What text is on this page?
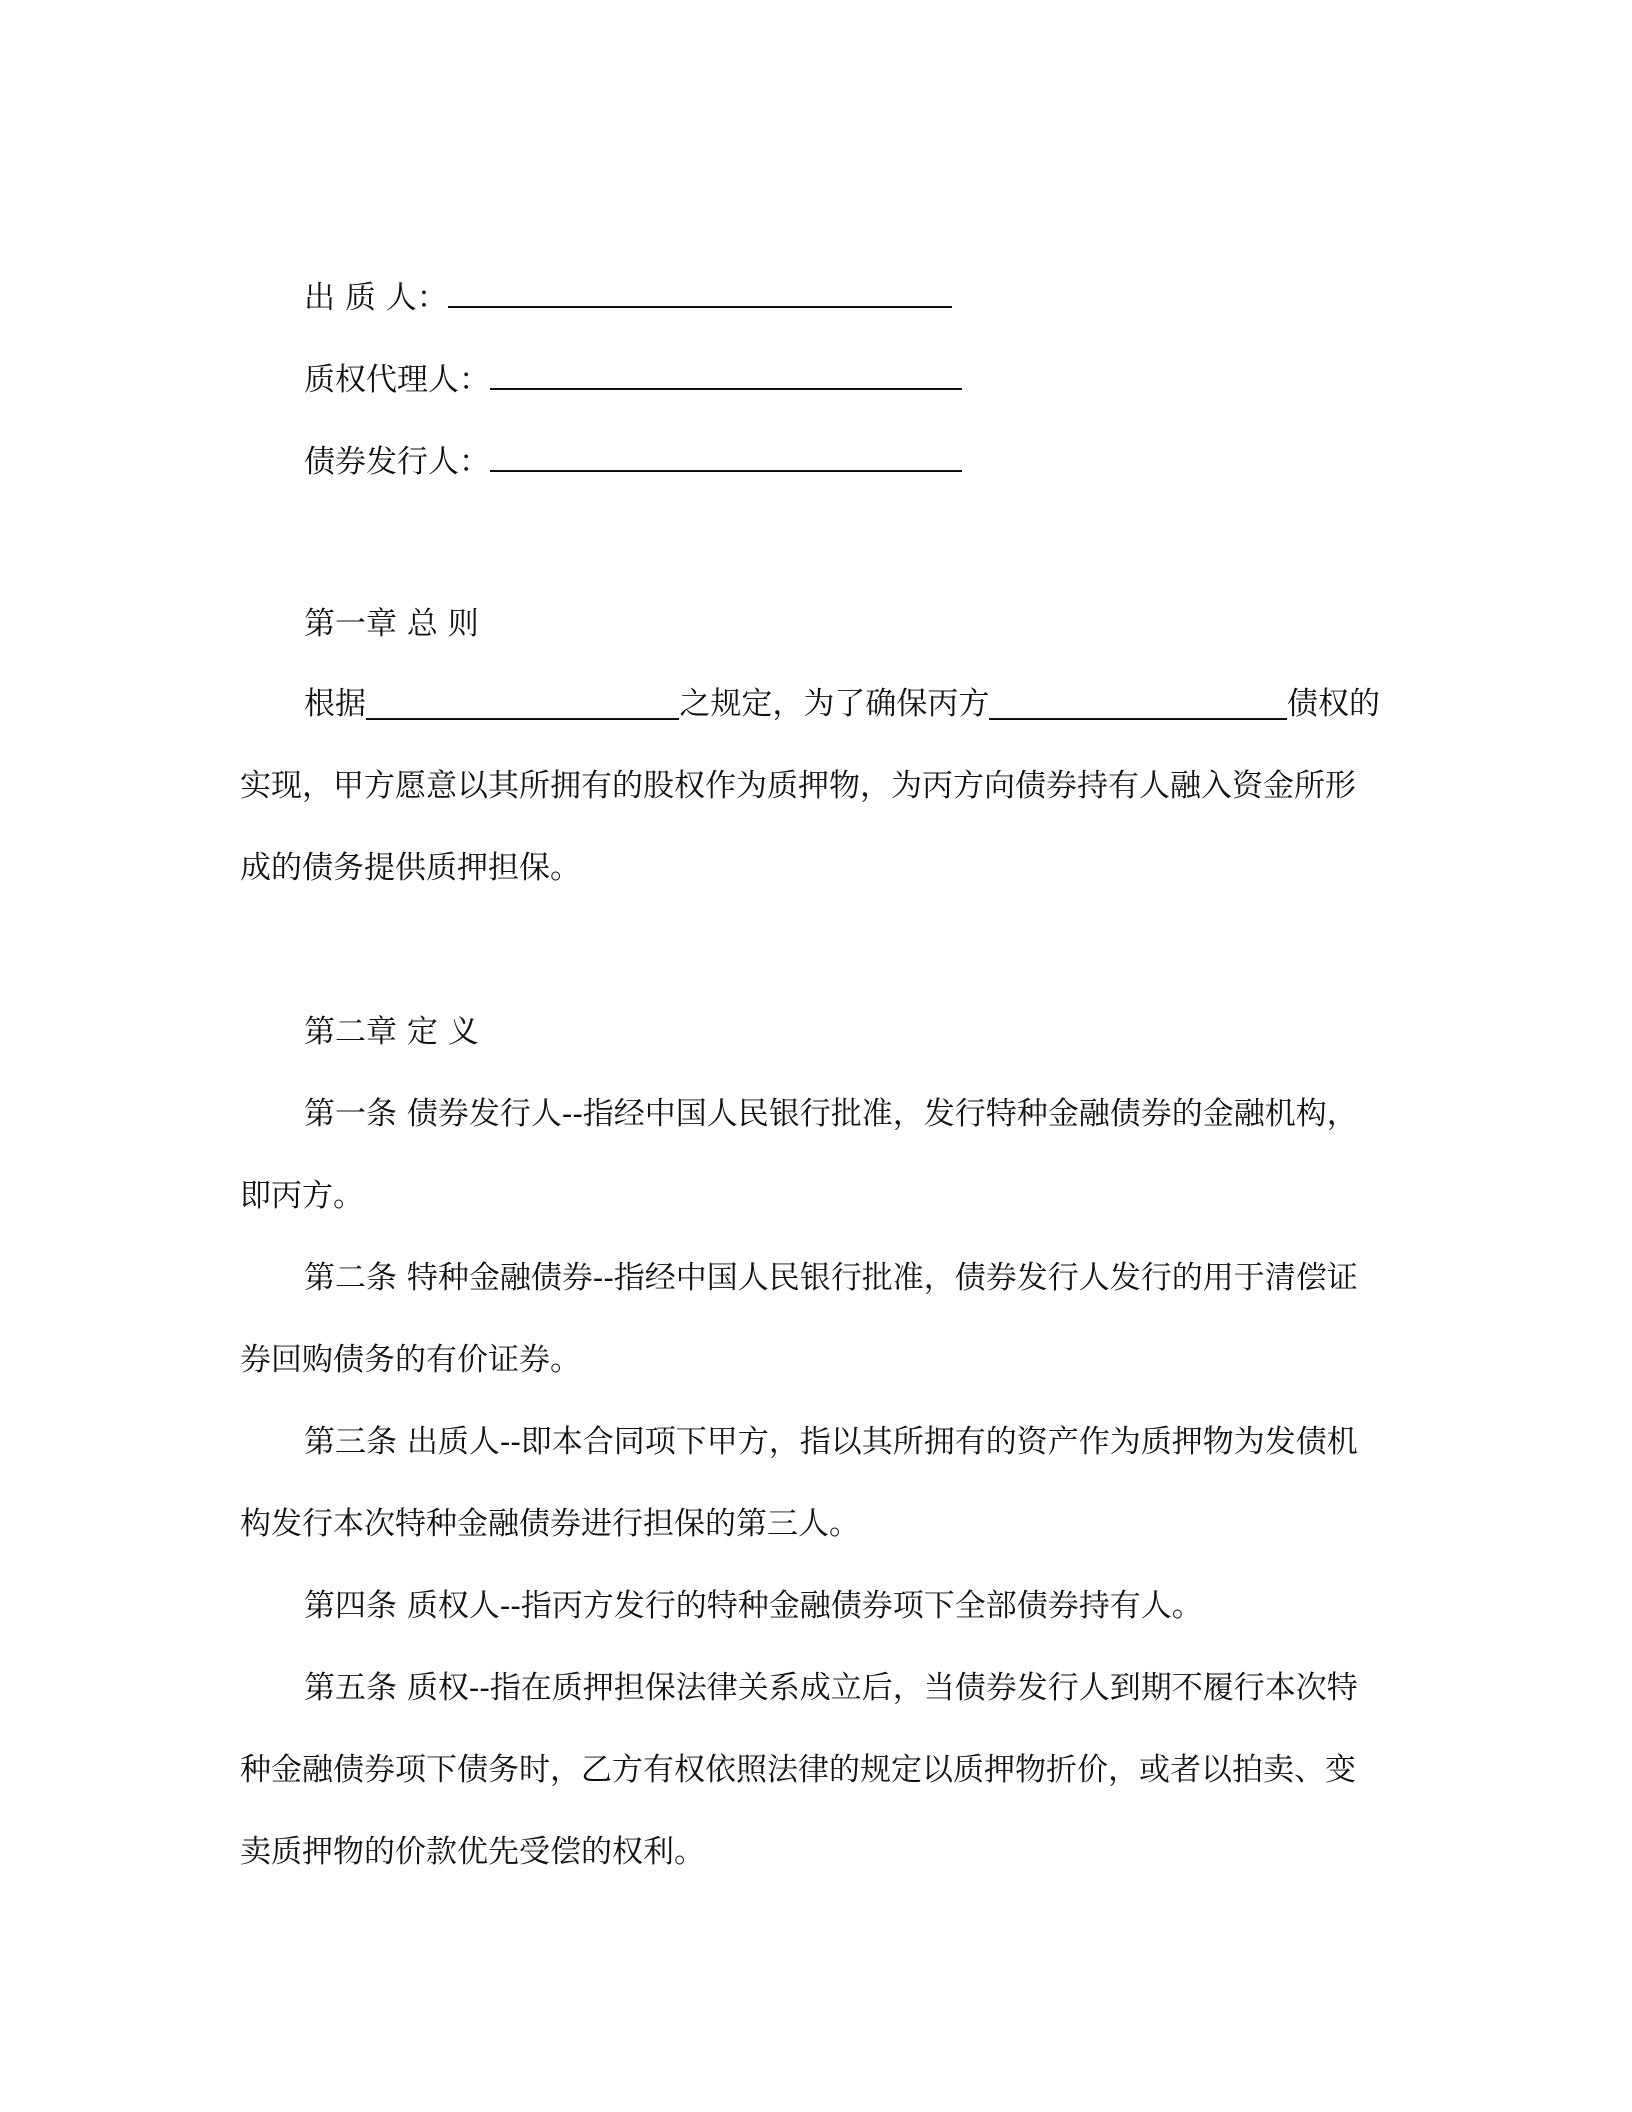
出 质 人：
质权代理人：
债券发行人：
第一章 总 则
根据	之规定，为了确保丙方	债权的
实现，甲方愿意以其所拥有的股权作为质押物，为丙方向债券持有人融入资金所形
成的债务提供质押担保。
第二章 定 义
第一条 债券发行人--指经中国人民银行批准，发行特种金融债券的金融机构，
即丙方。
第二条 特种金融债券--指经中国人民银行批准，债券发行人发行的用于清偿证
券回购债务的有价证券。
第三条 出质人--即本合同项下甲方，指以其所拥有的资产作为质押物为发债机
构发行本次特种金融债券进行担保的第三人。
第四条 质权人--指丙方发行的特种金融债券项下全部债券持有人。
第五条 质权--指在质押担保法律关系成立后，当债券发行人到期不履行本次特
种金融债券项下债务时，乙方有权依照法律的规定以质押物折价，或者以拍卖、变
卖质押物的价款优先受偿的权利。
